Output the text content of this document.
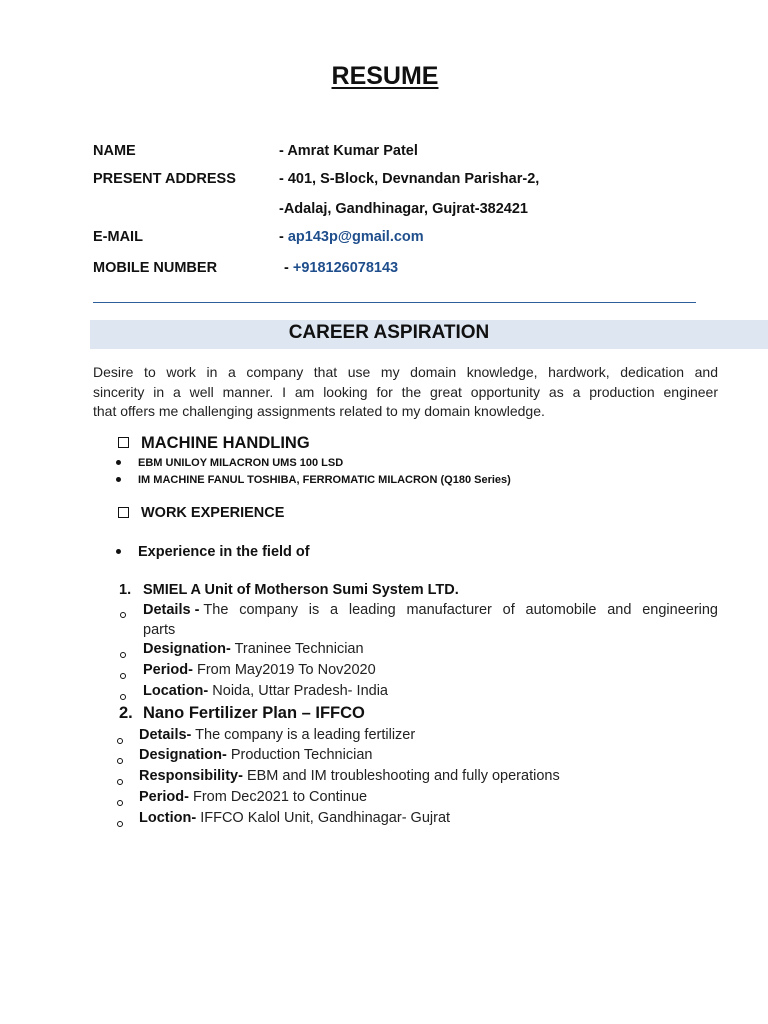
RESUME
NAME	- Amrat Kumar Patel
PRESENT ADDRESS	- 401, S-Block, Devnandan Parishar-2,
-Adalaj, Gandhinagar, Gujrat-382421
E-MAIL	- ap143p@gmail.com
MOBILE NUMBER	- +918126078143
CAREER ASPIRATION
Desire to work in a company that use my domain knowledge, hardwork, dedication and
sincerity in a well manner. I am looking for the great opportunity as a production engineer
that offers me challenging assignments related to my domain knowledge.
MACHINE HANDLING
EBM UNILOY MILACRON UMS 100 LSD
IM MACHINE FANUL TOSHIBA, FERROMATIC MILACRON (Q180 Series)
WORK EXPERIENCE
Experience in the field of
1. SMIEL A Unit of Motherson Sumi System LTD.
Details - The company is a leading manufacturer of automobile and engineering
parts
Designation- Traninee Technician
Period- From May2019 To Nov2020
Location- Noida, Uttar Pradesh- India
2. Nano Fertilizer Plan – IFFCO
Details- The company is a leading fertilizer
Designation- Production Technician
Responsibility- EBM and IM troubleshooting and fully operations
Period- From Dec2021 to Continue
Loction- IFFCO Kalol Unit, Gandhinagar- Gujrat
